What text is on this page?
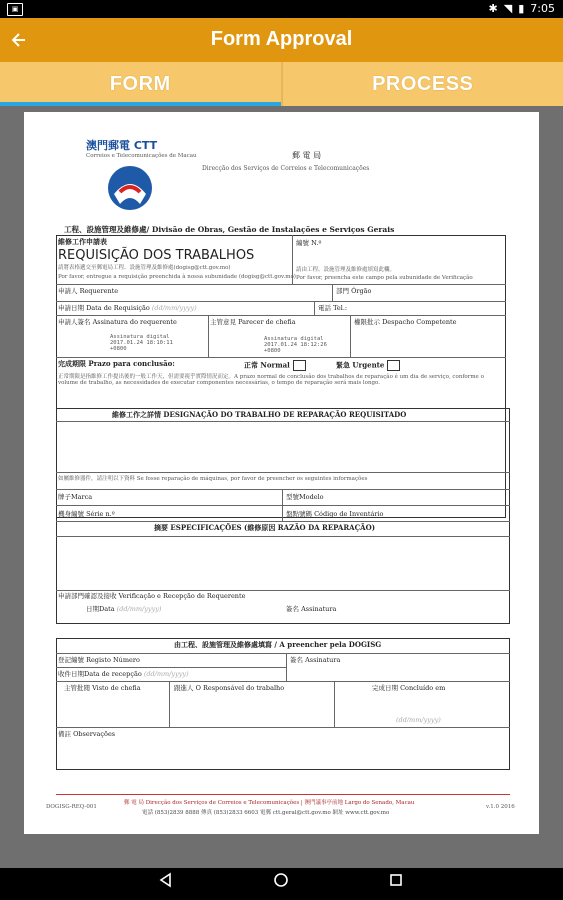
▣	✱ ◥ ▮ 7:05
Form Approval
FORM	PROCESS
澳門郵電 CTT
Correios e Telecomunicações de Macau	郵 電 局
Direcção dos Serviços de Correios e Telecomunicações
工程、設施管理及維修處/ Divisão de Obras, Gestão de Instalações e Serviços Gerais
維修工作申請表
REQUISIÇÃO DOS TRABALHOS
請將表格遞交至郵電局工程、設施管理及維修處(dogisg@ctt.gov.mo)
Por favor, entregue a requisição preenchida à nossa subunidade (dogisg@ctt.gov.mo)
編號 N.º
請由工程、設施管理及維修處填寫此欄。
Por favor, preencha este campo pela subunidade de Verificação
申請人 Requerente	部門 Órgão
申請日期 Data de Requisição (dd/mm/yyyy)	電話 Tel.:
申請人簽名 Assinatura do requerente	主管意見 Parecer de chefia	權限批示 Despacho Competente
Assinatura digital
2017.01.24 18:10:11
+0800
Assinatura digital
2017.01.24 18:12:26
+0800
完成期限 Prazo para conclusão:	正常 Normal	緊急 Urgente
正常期限是指維修工作提出後的一般工作天，但需要視乎實際情況而定。A prazo normal de conclusão dos trabalhos de reparação é um dia de serviço, conforme o volume de trabalho, as necessidades de executar componentes necessárias, o tempo de reparação será mais longo.
維修工作之詳情 DESIGNAÇÃO DO TRABALHO DE REPARAÇÃO REQUISITADO
如屬維修器件，請注明以下資料 Se fosse reparação de máquinas, por favor de preencher os seguintes informações
牌子Marca	型號Modelo
機身編號 Série n.º	盤點號碼 Código de Inventário
摘要 ESPECIFICAÇÕES (維修原因 RAZÃO DA REPARAÇÃO)
申請部門確認及接收 Verificação e Recepção de Requerente
日期Data (dd/mm/yyyy)	簽名 Assinatura
由工程、設施管理及維修處填寫 / A preencher pela DOGISG
登記編號 Registo Número	簽名 Assinatura
收件日期Data de recepção (dd/mm/yyyy)
主管批閱 Visto de chefia	跟進人 O Responsável do trabalho	完成日期 Concluído em
(dd/mm/yyyy)
備註 Observações
DOGISG-REQ-001
郵 電 局 Direcção dos Serviços de Correios e Telecomunicações | 澳門議事亭前地 Largo do Senado, Macau
電話 (853)2839 8888 傳真 (853)2833 6603 電郵 ctt.geral@ctt.gov.mo 網址 www.ctt.gov.mo
v.1.0 2016
